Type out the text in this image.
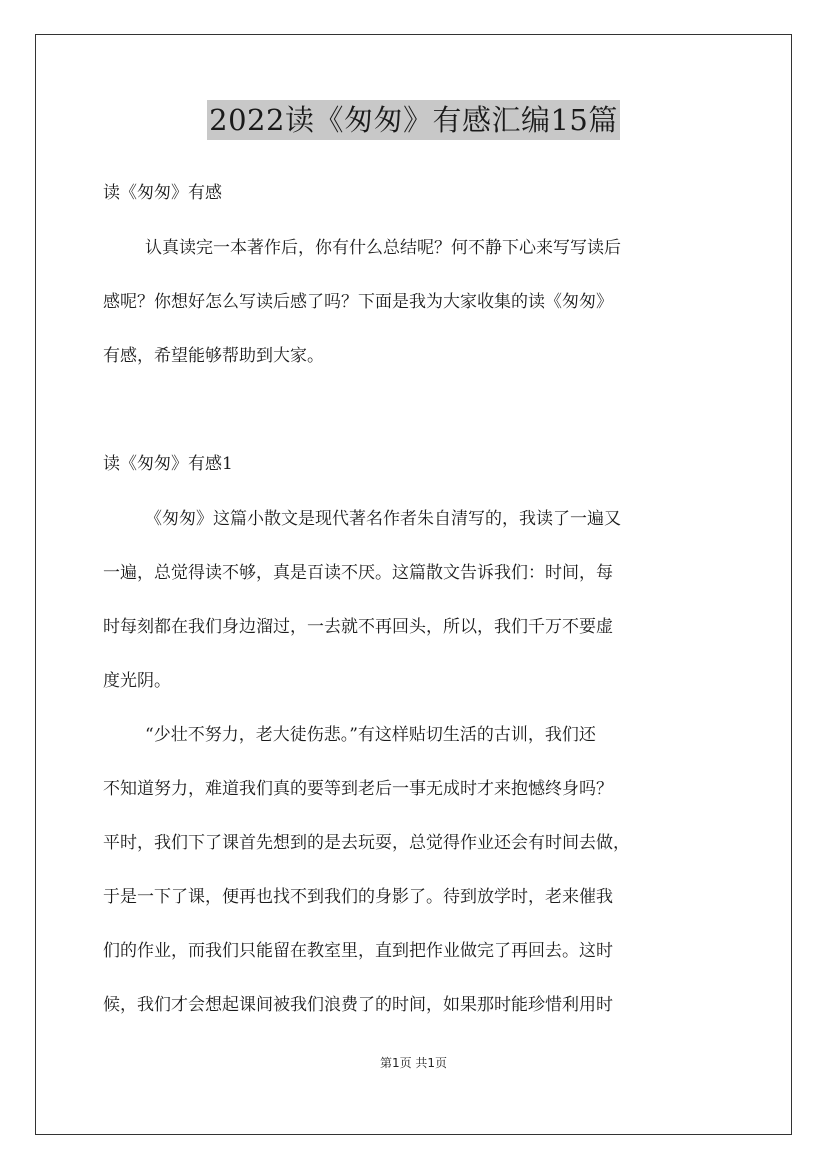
2022读《匆匆》有感汇编15篇

读《匆匆》有感

认真读完一本著作后，你有什么总结呢？何不静下心来写写读后
感呢？你想好怎么写读后感了吗？下面是我为大家收集的读《匆匆》
有感，希望能够帮助到大家。

读《匆匆》有感1

《匆匆》这篇小散文是现代著名作者朱自清写的，我读了一遍又
一遍，总觉得读不够，真是百读不厌。这篇散文告诉我们：时间，每
时每刻都在我们身边溜过，一去就不再回头，所以，我们千万不要虚
度光阴。
“少壮不努力，老大徒伤悲。”有这样贴切生活的古训，我们还
不知道努力，难道我们真的要等到老后一事无成时才来抱憾终身吗？
平时，我们下了课首先想到的是去玩耍，总觉得作业还会有时间去做，
于是一下了课，便再也找不到我们的身影了。待到放学时，老来催我
们的作业，而我们只能留在教室里，直到把作业做完了再回去。这时
候，我们才会想起课间被我们浪费了的时间，如果那时能珍惜利用时
第1页 共1页
